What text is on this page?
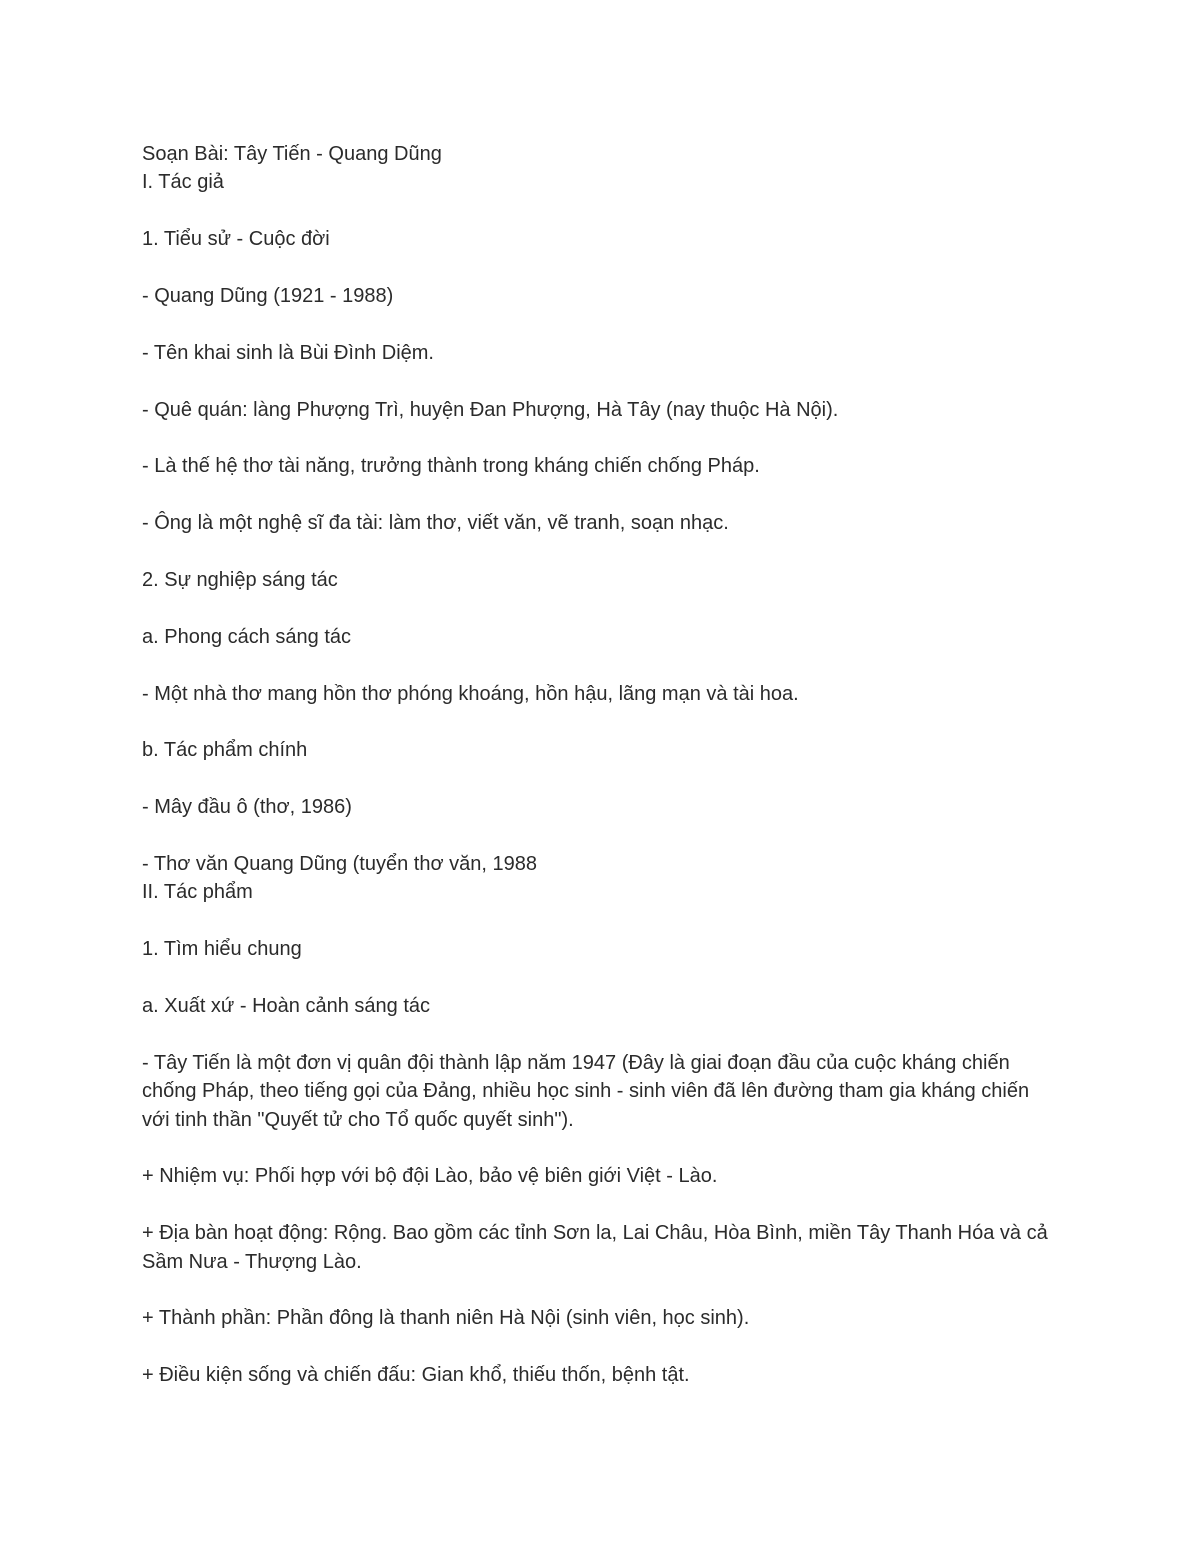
Soạn Bài: Tây Tiến - Quang Dũng

I. Tác giả

1. Tiểu sử - Cuộc đời

- Quang Dũng (1921 - 1988)

- Tên khai sinh là Bùi Đình Diệm.

- Quê quán: làng Phượng Trì, huyện Đan Phượng, Hà Tây (nay thuộc Hà Nội).

- Là thế hệ thơ tài năng, trưởng thành trong kháng chiến chống Pháp.

- Ông là một nghệ sĩ đa tài: làm thơ, viết văn, vẽ tranh, soạn nhạc.

2. Sự nghiệp sáng tác

a. Phong cách sáng tác

- Một nhà thơ mang hồn thơ phóng khoáng, hồn hậu, lãng mạn và tài hoa.

b. Tác phẩm chính

- Mây đầu ô (thơ, 1986)

- Thơ văn Quang Dũng (tuyển thơ văn, 1988

II. Tác phẩm

1. Tìm hiểu chung

a. Xuất xứ - Hoàn cảnh sáng tác

- Tây Tiến là một đơn vị quân đội thành lập năm 1947 (Đây là giai đoạn đầu của cuộc kháng chiến chống Pháp, theo tiếng gọi của Đảng, nhiều học sinh - sinh viên đã lên đường tham gia kháng chiến với tinh thần "Quyết tử cho Tổ quốc quyết sinh").

+ Nhiệm vụ: Phối hợp với bộ đội Lào, bảo vệ biên giới Việt - Lào.

+ Địa bàn hoạt động: Rộng. Bao gồm các tỉnh Sơn la, Lai Châu, Hòa Bình, miền Tây Thanh Hóa và cả Sầm Nưa - Thượng Lào.

+ Thành phần: Phần đông là thanh niên Hà Nội (sinh viên, học sinh).

+ Điều kiện sống và chiến đấu: Gian khổ, thiếu thốn, bệnh tật.
